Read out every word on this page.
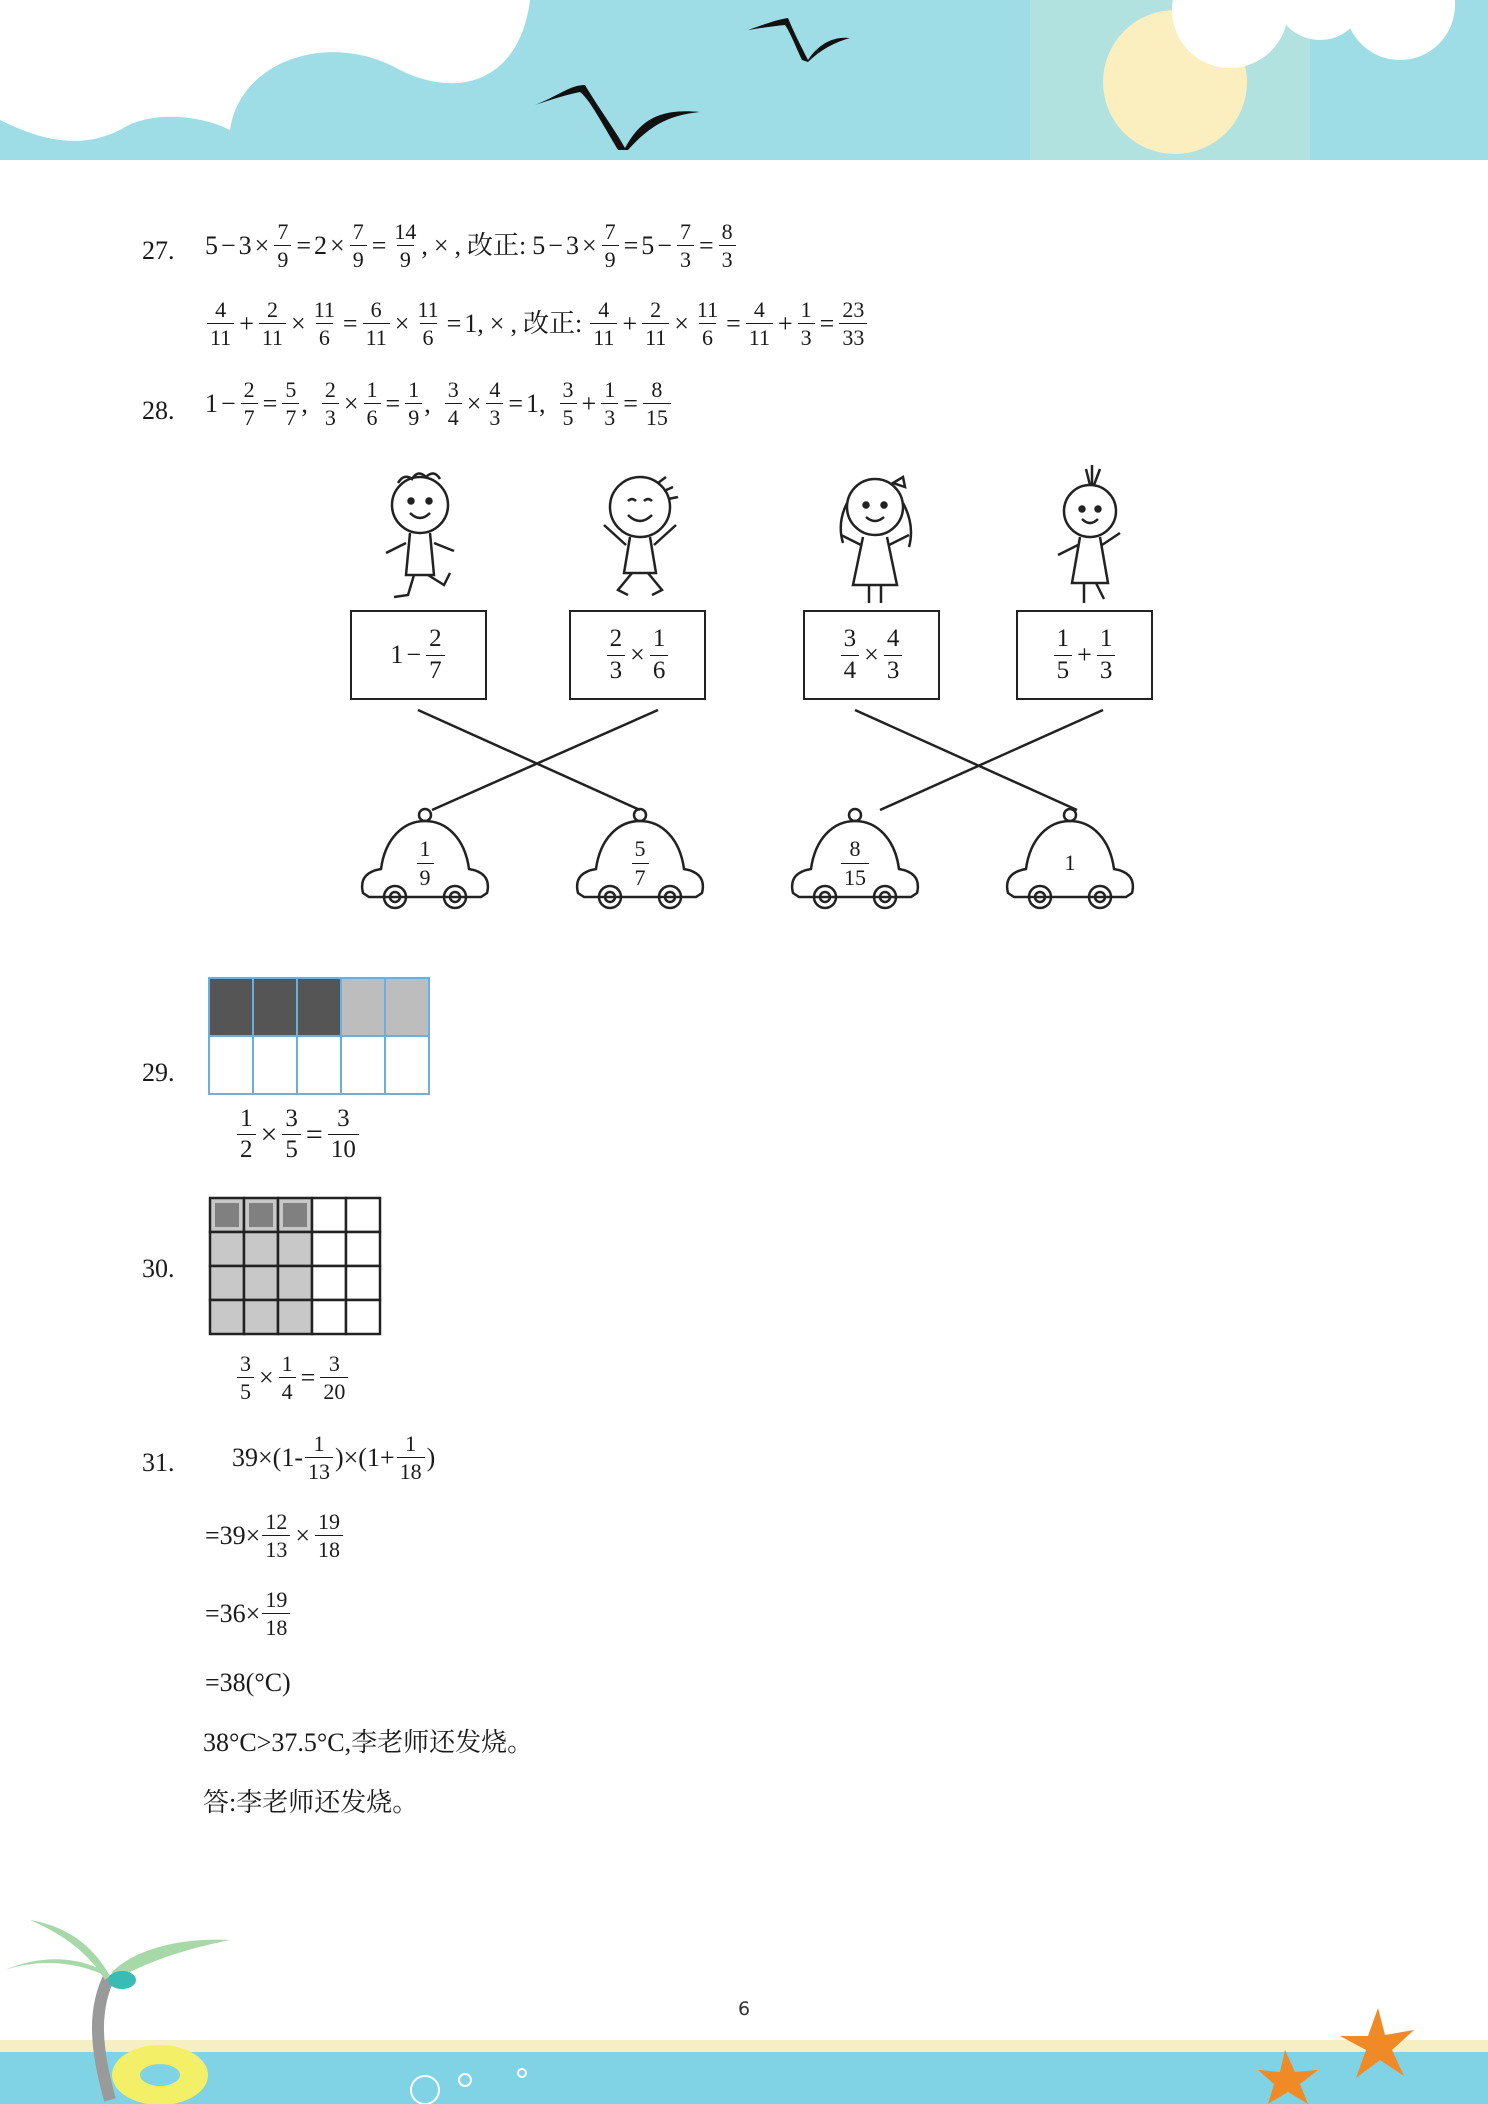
27. $5 - 3 \times \frac{7}{9} = 2 \times \frac{7}{9} = \frac{14}{9}$ , × , 改正: $5 - 3 \times \frac{7}{9} = 5 - \frac{7}{3} = \frac{8}{3}$
$\frac{4}{11} + \frac{2}{11} \times \frac{11}{6} = \frac{6}{11} \times \frac{11}{6} = 1$ , × , 改正: $\frac{4}{11} + \frac{2}{11} \times \frac{11}{6} = \frac{4}{11} + \frac{1}{3} = \frac{23}{33}$
28. $1 - \frac{2}{7} = \frac{5}{7}$ , $\frac{2}{3} \times \frac{1}{6} = \frac{1}{9}$ , $\frac{3}{4} \times \frac{4}{3} = 1$ , $\frac{3}{5} + \frac{1}{3} = \frac{8}{15}$
$1 - \frac{2}{7}$	$\frac{2}{3} \times \frac{1}{6}$	$\frac{3}{4} \times \frac{4}{3}$	$\frac{1}{5} + \frac{1}{3}$
$\frac{1}{9}$	$\frac{5}{7}$	$\frac{8}{15}$	1
29.
$\frac{1}{2} \times \frac{3}{5} = \frac{3}{10}$
30.
$\frac{3}{5} \times \frac{1}{4} = \frac{3}{20}$
31. $39\times(1- \frac{1}{13} )\times(1+ \frac{1}{18}$ )
$=39\times \frac{12}{13} \times \frac{19}{18}$
$=36\times \frac{19}{18}$
=38(°C)
38°C>37.5°C,李老师还发烧。
答:李老师还发烧。
6
